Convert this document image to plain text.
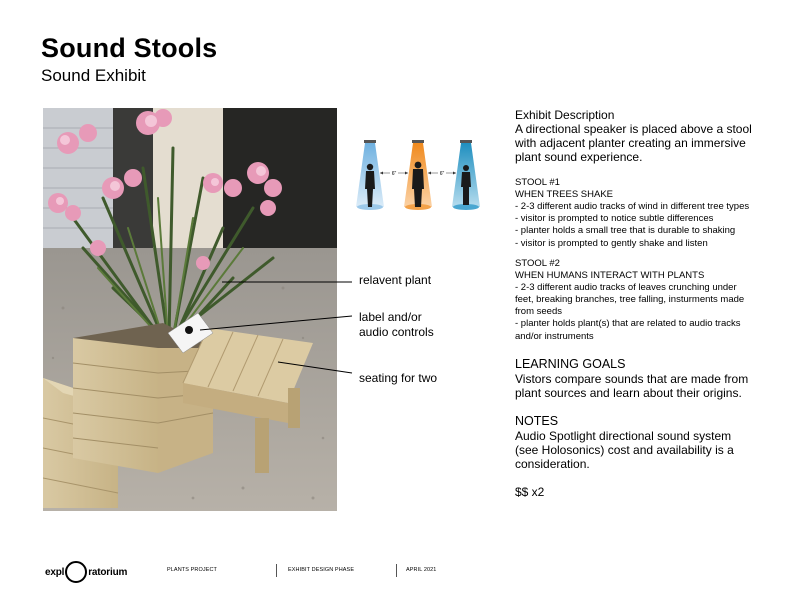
Sound Stools
Sound Exhibit
relavent plant
label and/or
audio controls
seating for two
6"	6"
Exhibit Description
A directional speaker is placed above a stool with adjacent planter creating an immersive plant sound experience.
STOOL #1
WHEN TREES SHAKE
- 2-3 different audio tracks of wind in different tree types
- visitor is prompted to notice subtle differences
- planter holds a small tree that is durable to shaking
- visitor is prompted to gently shake and listen
STOOL #2
WHEN HUMANS INTERACT WITH PLANTS
- 2-3 different audio tracks of leaves crunching under feet, breaking branches, tree falling, insturments made from seeds
- planter holds plant(s) that are related to audio tracks and/or instruments
LEARNING GOALS
Vistors compare sounds that are made from plant sources and learn about their origins.
NOTES
Audio Spotlight directional sound system (see Holosonics) cost and availability is a consideration.
$$ x2
expl ratorium	PLANTS PROJECT	EXHIBIT DESIGN PHASE	APRIL 2021
